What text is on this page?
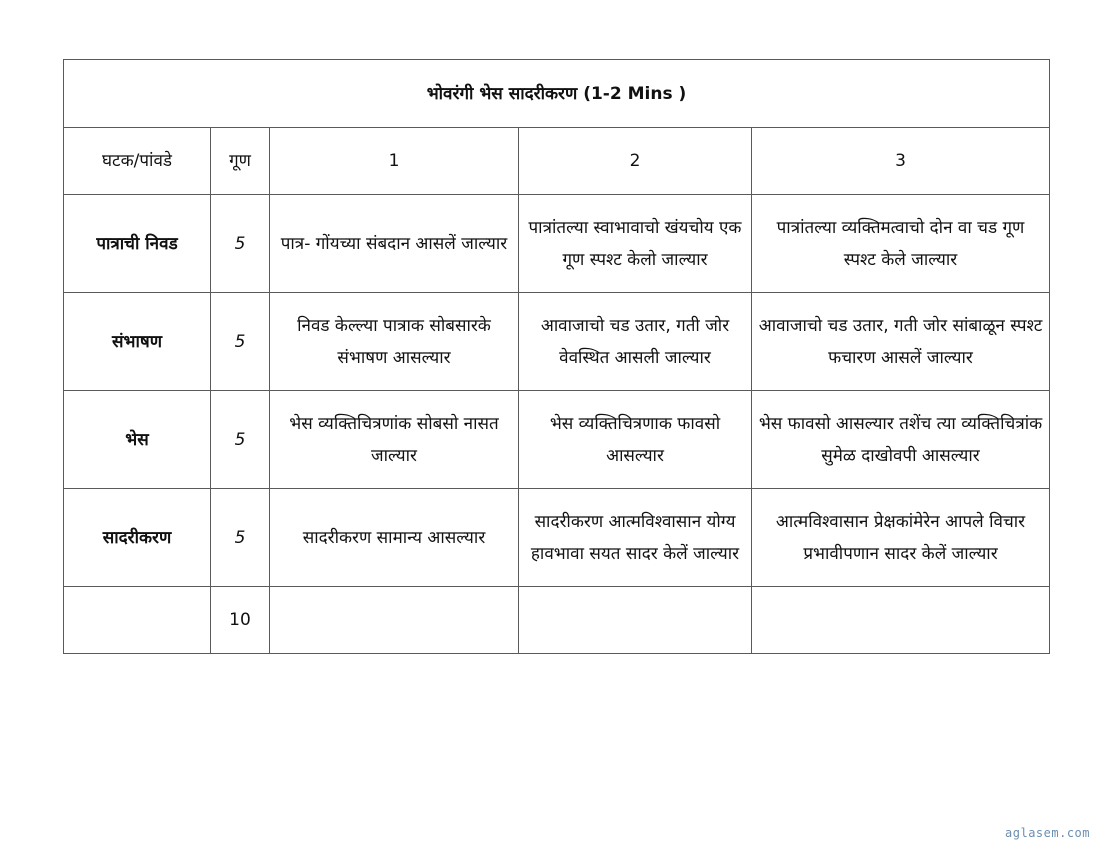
भोवरंगी भेस सादरीकरण (1-2 Mins )				
घटक/पांवडे	गूण	1	2	3
पात्राची निवड	5	पात्र- गोंयच्या संबदान आसलें जाल्यार	पात्रांतल्या स्वाभावाचो खंयचोय एक गूण स्पश्ट केलो जाल्यार	पात्रांतल्या व्यक्तिमत्वाचो दोन वा चड गूण स्पश्ट केले जाल्यार
संभाषण	5	निवड केल्ल्या पात्राक सोबसारके संभाषण आसल्यार	आवाजाचो चड उतार, गती जोर वेवस्थित आसली जाल्यार	आवाजाचो चड उतार, गती जोर सांबाळून स्पश्ट फचारण आसलें जाल्यार
भेस	5	भेस व्यक्तिचित्रणांक सोबसो नासत जाल्यार	भेस व्यक्तिचित्रणाक फावसो आसल्यार	भेस फावसो आसल्यार तशेंच त्या व्यक्तिचित्रांक सुमेळ दाखोवपी आसल्यार
सादरीकरण	5	सादरीकरण सामान्य आसल्यार	सादरीकरण आत्मविश्वासान योग्य हावभावा सयत सादर केलें जाल्यार	आत्मविश्वासान प्रेक्षकांमेरेन आपले विचार प्रभावीपणान सादर केलें जाल्यार
	10			
aglasem.com
